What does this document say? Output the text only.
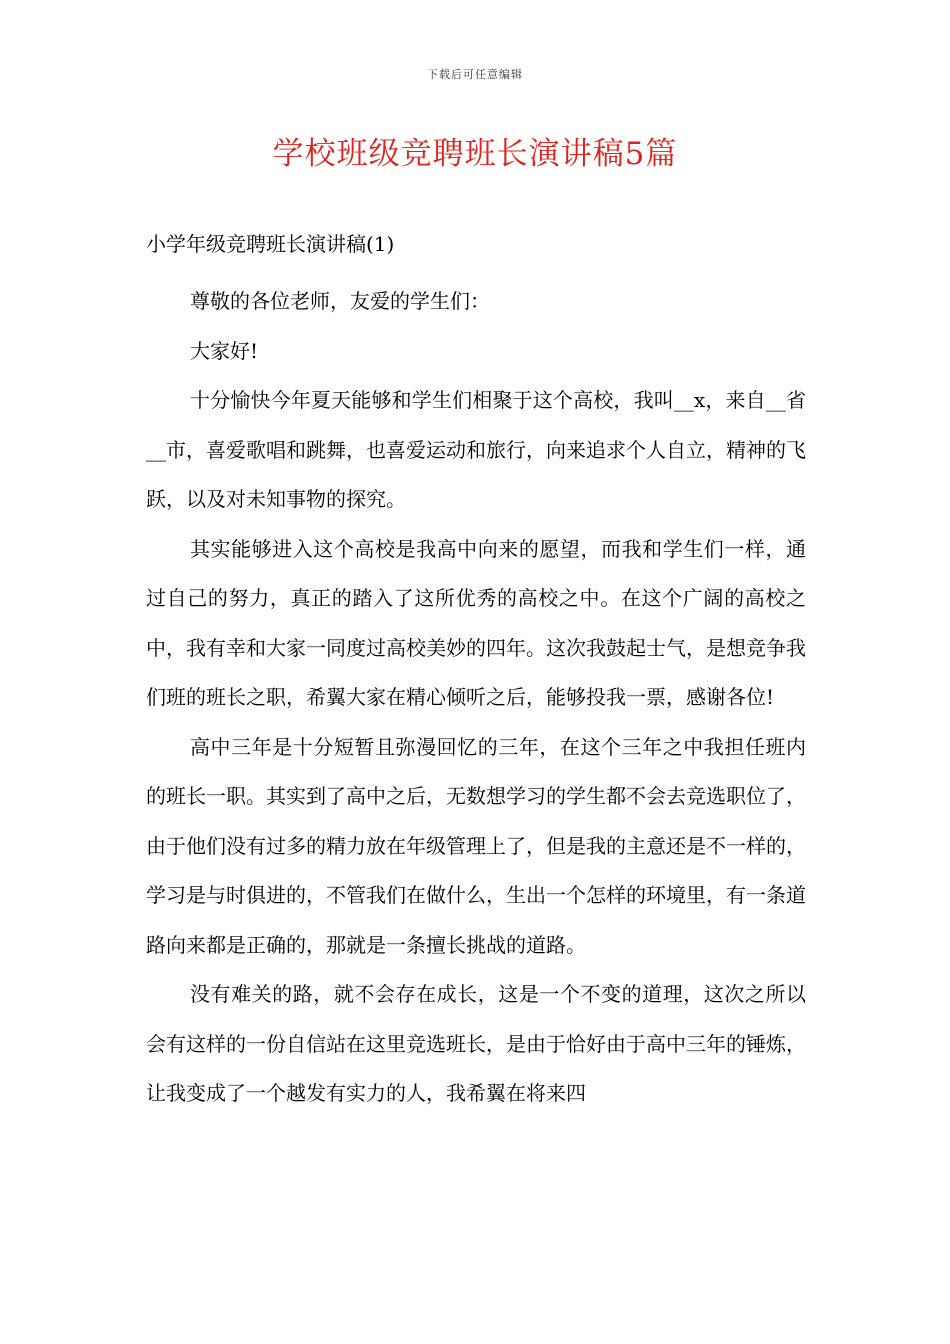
下载后可任意编辑
学校班级竞聘班长演讲稿5篇
小学年级竞聘班长演讲稿(1)

尊敬的各位老师，友爱的学生们：

大家好!

十分愉快今年夏天能够和学生们相聚于这个高校，我叫__x，来自__省__市，喜爱歌唱和跳舞，也喜爱运动和旅行，向来追求个人自立，精神的飞跃，以及对未知事物的探究。

其实能够进入这个高校是我高中向来的愿望，而我和学生们一样，通过自己的努力，真正的踏入了这所优秀的高校之中。在这个广阔的高校之中，我有幸和大家一同度过高校美妙的四年。这次我鼓起士气，是想竞争我们班的班长之职，希翼大家在精心倾听之后，能够投我一票，感谢各位!

高中三年是十分短暂且弥漫回忆的三年，在这个三年之中我担任班内的班长一职。其实到了高中之后，无数想学习的学生都不会去竞选职位了，由于他们没有过多的精力放在年级管理上了，但是我的主意还是不一样的，学习是与时俱进的，不管我们在做什么，生出一个怎样的环境里，有一条道路向来都是正确的，那就是一条擅长挑战的道路。

没有难关的路，就不会存在成长，这是一个不变的道理，这次之所以会有这样的一份自信站在这里竞选班长，是由于恰好由于高中三年的锤炼，让我变成了一个越发有实力的人，我希翼在将来四
